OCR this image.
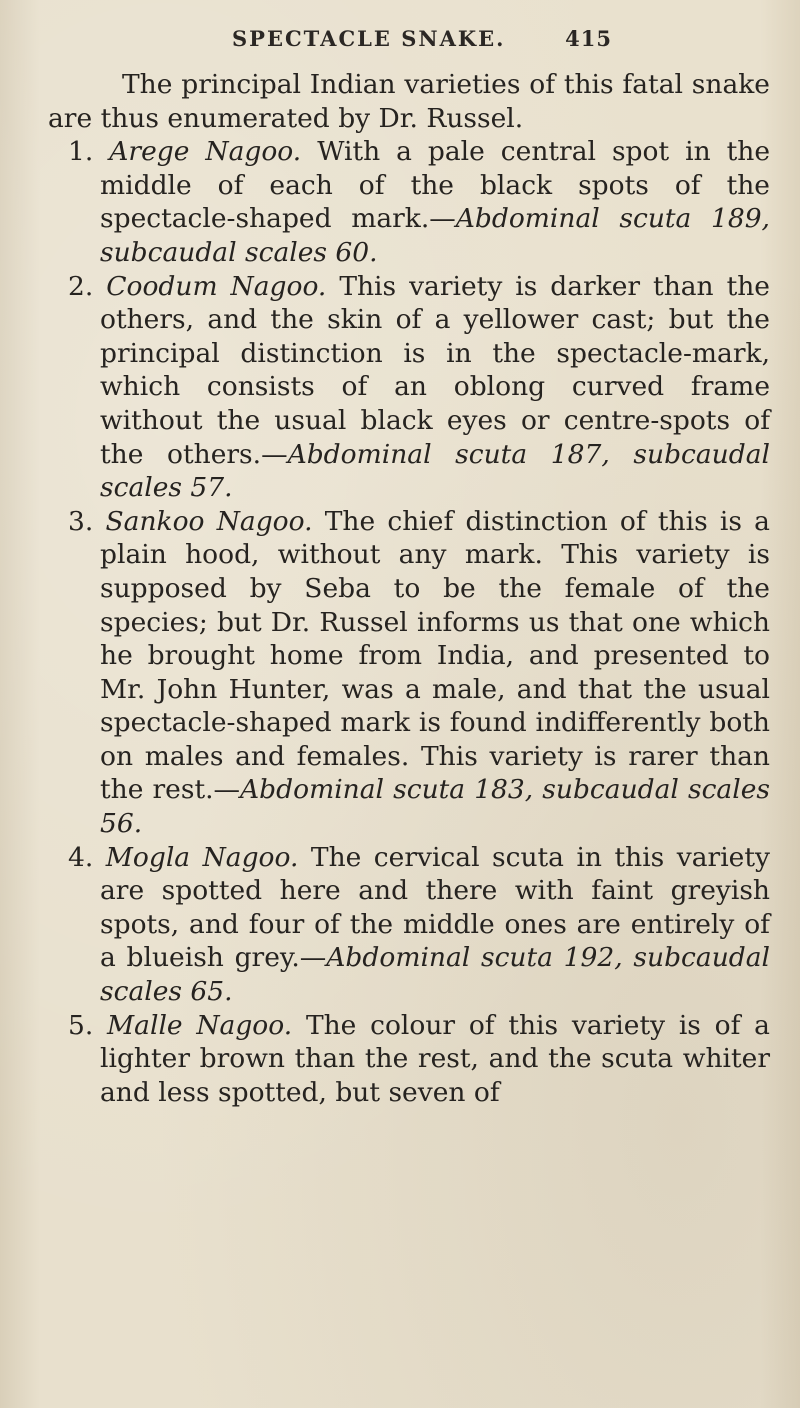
SPECTACLE SNAKE.	415

The principal Indian varieties of this fatal snake are thus enumerated by Dr. Russel.

1. Arege Nagoo. With a pale central spot in the middle of each of the black spots of the spectacle-shaped mark.—Abdominal scuta 189, subcaudal scales 60.

2. Coodum Nagoo. This variety is darker than the others, and the skin of a yellower cast; but the principal distinction is in the spectacle-mark, which consists of an oblong curved frame without the usual black eyes or centre-spots of the others.—Abdominal scuta 187, subcaudal scales 57.

3. Sankoo Nagoo. The chief distinction of this is a plain hood, without any mark. This variety is supposed by Seba to be the female of the species; but Dr. Russel informs us that one which he brought home from India, and presented to Mr. John Hunter, was a male, and that the usual spectacle-shaped mark is found indifferently both on males and females. This variety is rarer than the rest.—Abdominal scuta 183, subcaudal scales 56.

4. Mogla Nagoo. The cervical scuta in this variety are spotted here and there with faint greyish spots, and four of the middle ones are entirely of a blueish grey.—Abdominal scuta 192, subcaudal scales 65.

5. Malle Nagoo. The colour of this variety is of a lighter brown than the rest, and the scuta whiter and less spotted, but seven of
